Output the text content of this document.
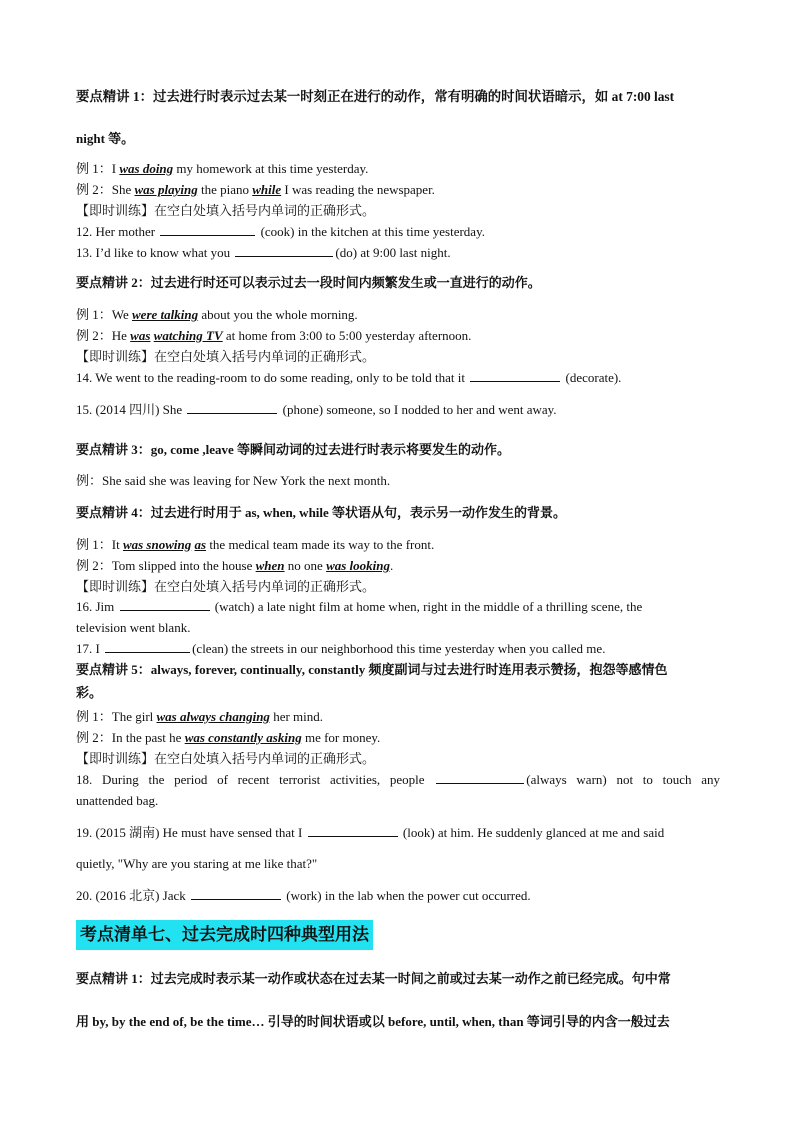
要点精讲 1：过去进行时表示过去某一时刻正在进行的动作，常有明确的时间状语暗示，如 at 7:00 last
night 等。
例 1：I was doing my homework at this time yesterday.
例 2：She was playing the piano while I was reading the newspaper.
【即时训练】在空白处填入括号内单词的正确形式。
12. Her mother	(cook) in the kitchen at this time yesterday.
13. I’d like to know what you	(do) at 9:00 last night.
要点精讲 2：过去进行时还可以表示过去一段时间内频繁发生或一直进行的动作。
例 1：We were talking about you the whole morning.
例 2：He was watching TV at home from 3:00 to 5:00 yesterday afternoon.
【即时训练】在空白处填入括号内单词的正确形式。
14. We went to the reading-room to do some reading, only to be told that it	(decorate).
15. (2014 四川) She	(phone) someone, so I nodded to her and went away.
要点精讲 3：go, come ,leave 等瞬间动词的过去进行时表示将要发生的动作。
例：She said she was leaving for New York the next month.
要点精讲 4：过去进行时用于 as, when, while 等状语从句，表示另一动作发生的背景。
例 1：It was snowing as the medical team made its way to the front.
例 2：Tom slipped into the house when no one was looking.
【即时训练】在空白处填入括号内单词的正确形式。
16. Jim	(watch) a late night film at home when, right in the middle of a thrilling scene, the
television went blank.
17. I	(clean) the streets in our neighborhood this time yesterday when you called me.
要点精讲 5：always, forever, continually, constantly 频度副词与过去进行时连用表示赞扬，抱怨等感情色
彩。
例 1：The girl was always changing her mind.
例 2：In the past he was constantly asking me for money.
【即时训练】在空白处填入括号内单词的正确形式。
18. During the period of recent terrorist activities, people	(always warn) not to touch any
unattended bag.
19. (2015 湖南) He must have sensed that I	(look) at him. He suddenly glanced at me and said
quietly, "Why are you staring at me like that?"
20. (2016 北京) Jack	(work) in the lab when the power cut occurred.
考点清单七、过去完成时四种典型用法
要点精讲 1：过去完成时表示某一动作或状态在过去某一时间之前或过去某一动作之前已经完成。句中常
用 by, by the end of, be the time… 引导的时间状语或以 before, until, when, than 等词引导的内含一般过去
